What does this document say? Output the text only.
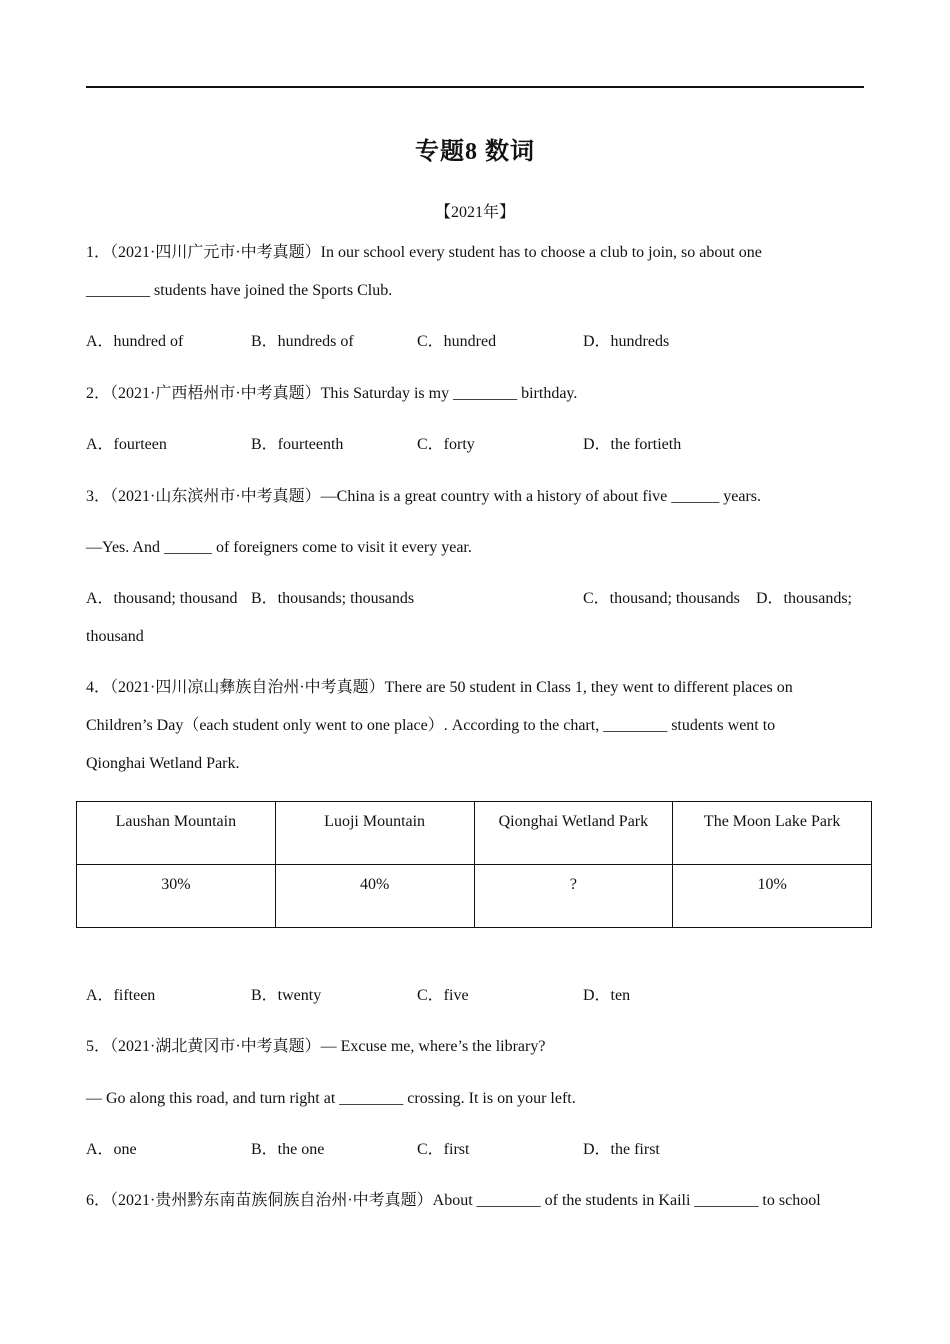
专题8 数词
【2021年】
1．（2021·四川广元市·中考真题）In our school every student has to choose a club to join, so about one
________ students have joined the Sports Club.
A．hundred of	B．hundreds of	C．hundred	D．hundreds
2．（2021·广西梧州市·中考真题）This Saturday is my ________ birthday.
A．fourteen	B．fourteenth	C．forty	D．the fortieth
3．（2021·山东滨州市·中考真题）—China is a great country with a history of about five ______ years.
—Yes. And ______ of foreigners come to visit it every year.
A．thousand; thousand B．thousands; thousands	C．thousand; thousands D．thousands;
thousand
4．（2021·四川凉山彝族自治州·中考真题）There are 50 student in Class 1, they went to different places on
Children’s Day（each student only went to one place）. According to the chart, ________ students went to
Qionghai Wetland Park.
Laushan Mountain	Luoji Mountain	Qionghai Wetland Park	The Moon Lake Park
30%	40%	?	10%
A．fifteen	B．twenty	C．five	D．ten
5．（2021·湖北黄冈市·中考真题）— Excuse me, where’s the library?
— Go along this road, and turn right at ________ crossing. It is on your left.
A．one	B．the one	C．first	D．the first
6．（2021·贵州黔东南苗族侗族自治州·中考真题）About ________ of the students in Kaili ________ to school
